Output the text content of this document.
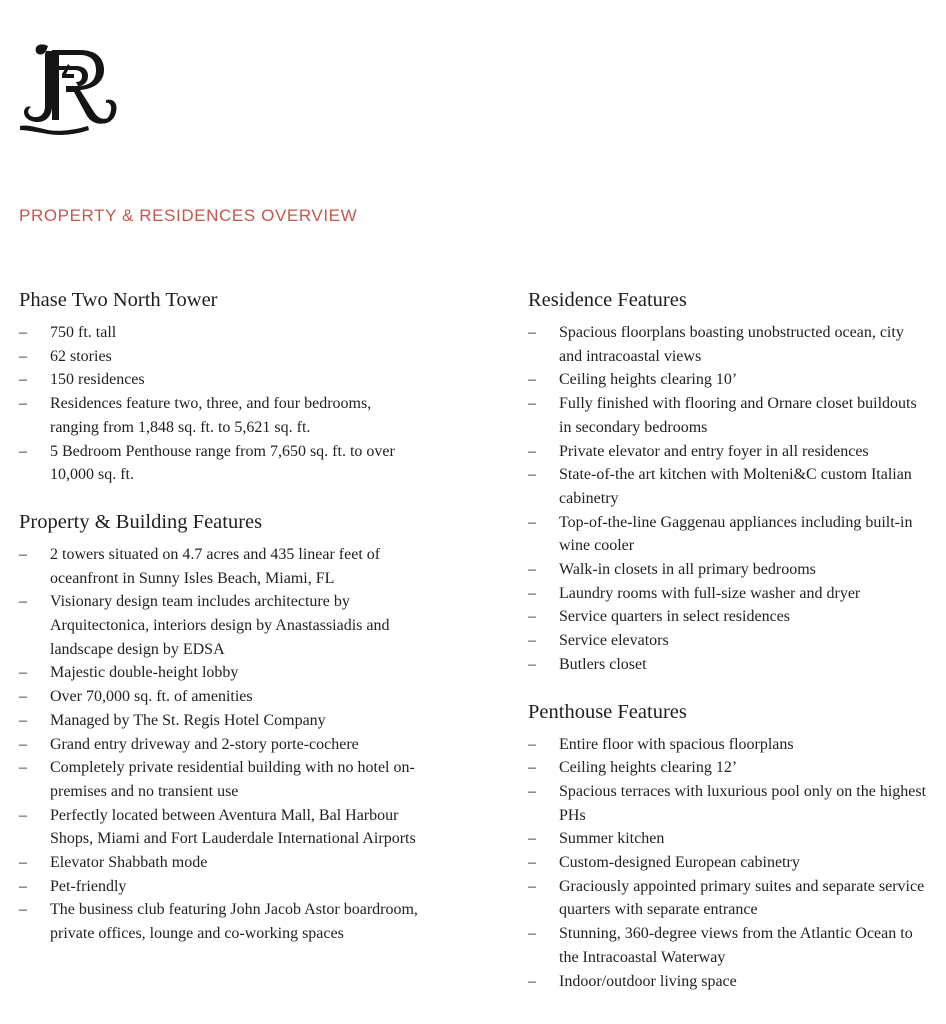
PROPERTY & RESIDENCES OVERVIEW
Phase Two North Tower
– 750 ft. tall
– 62 stories
– 150 residences
– Residences feature two, three, and four bedrooms, ranging from 1,848 sq. ft. to 5,621 sq. ft.
– 5 Bedroom Penthouse range from 7,650 sq. ft. to over 10,000 sq. ft.
Property & Building Features
– 2 towers situated on 4.7 acres and 435 linear feet of oceanfront in Sunny Isles Beach, Miami, FL
– Visionary design team includes architecture by Arquitectonica, interiors design by Anastassiadis and landscape design by EDSA
– Majestic double-height lobby
– Over 70,000 sq. ft. of amenities
– Managed by The St. Regis Hotel Company
– Grand entry driveway and 2-story porte-cochere
– Completely private residential building with no hotel on-premises and no transient use
– Perfectly located between Aventura Mall, Bal Harbour Shops, Miami and Fort Lauderdale International Airports
– Elevator Shabbath mode
– Pet-friendly
– The business club featuring John Jacob Astor boardroom, private offices, lounge and co-working spaces
Residence Features
– Spacious floorplans boasting unobstructed ocean, city and intracoastal views
– Ceiling heights clearing 10’
– Fully finished with flooring and Ornare closet buildouts in secondary bedrooms
– Private elevator and entry foyer in all residences
– State-of-the art kitchen with Molteni&C custom Italian cabinetry
– Top-of-the-line Gaggenau appliances including built-in wine cooler
– Walk-in closets in all primary bedrooms
– Laundry rooms with full-size washer and dryer
– Service quarters in select residences
– Service elevators
– Butlers closet
Penthouse Features
– Entire floor with spacious floorplans
– Ceiling heights clearing 12’
– Spacious terraces with luxurious pool only on the highest PHs
– Summer kitchen
– Custom-designed European cabinetry
– Graciously appointed primary suites and separate service quarters with separate entrance
– Stunning, 360-degree views from the Atlantic Ocean to the Intracoastal Waterway
– Indoor/outdoor living space
